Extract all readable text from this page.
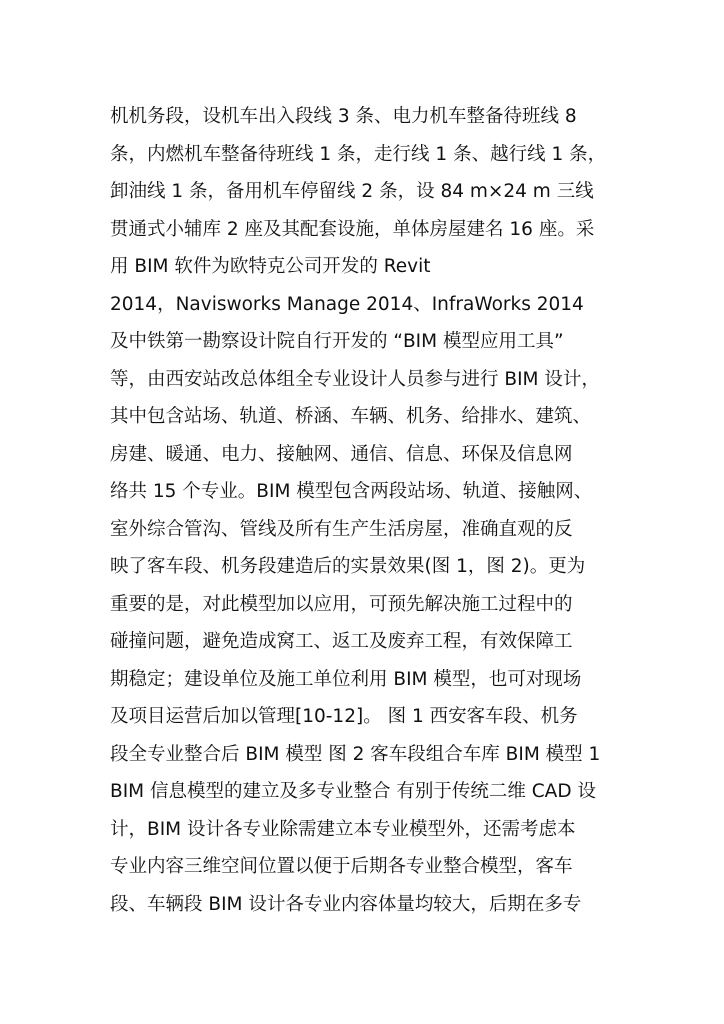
机机务段，设机车出入段线 3 条、电力机车整备待班线 8
条，内燃机车整备待班线 1 条，走行线 1 条、越行线 1 条，
卸油线 1 条，备用机车停留线 2 条，设 84 m×24 m 三线
贯通式小辅库 2 座及其配套设施，单体房屋建名 16 座。采
用 BIM 软件为欧特克公司开发的 Revit
2014，Navisworks Manage 2014、InfraWorks 2014
及中铁第一勘察设计院自行开发的 “BIM 模型应用工具”
等，由西安站改总体组全专业设计人员参与进行 BIM 设计，
其中包含站场、轨道、桥涵、车辆、机务、给排水、建筑、
房建、暖通、电力、接触网、通信、信息、环保及信息网
络共 15 个专业。BIM 模型包含两段站场、轨道、接触网、
室外综合管沟、管线及所有生产生活房屋，准确直观的反
映了客车段、机务段建造后的实景效果(图 1，图 2)。更为
重要的是，对此模型加以应用，可预先解决施工过程中的
碰撞问题，避免造成窝工、返工及废弃工程，有效保障工
期稳定；建设单位及施工单位利用 BIM 模型，也可对现场
及项目运营后加以管理[10-12]。 图 1 西安客车段、机务
段全专业整合后 BIM 模型 图 2 客车段组合车库 BIM 模型 1
BIM 信息模型的建立及多专业整合 有别于传统二维 CAD 设
计，BIM 设计各专业除需建立本专业模型外，还需考虑本
专业内容三维空间位置以便于后期各专业整合模型，客车
段、车辆段 BIM 设计各专业内容体量均较大，后期在多专
